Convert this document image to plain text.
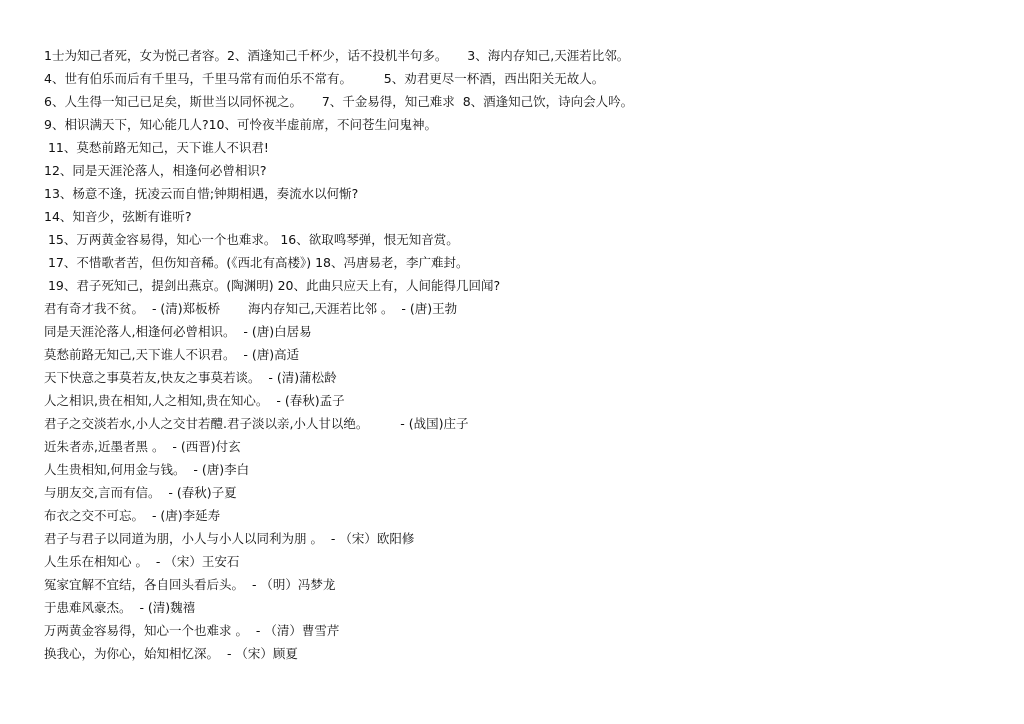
1士为知己者死，女为悦己者容。2、酒逢知己千杯少，话不投机半句多。     3、海内存知己,天涯若比邻。
4、世有伯乐而后有千里马，千里马常有而伯乐不常有。        5、劝君更尽一杯酒，西出阳关无故人。
6、人生得一知己已足矣，斯世当以同怀视之。     7、千金易得，知己难求  8、酒逢知己饮，诗向会人吟。
9、相识满天下，知心能几人?10、可怜夜半虚前席，不问苍生问鬼神。
11、莫愁前路无知己，天下谁人不识君!
12、同是天涯沦落人，相逢何必曾相识?
13、杨意不逢，抚凌云而自惜;钟期相遇，奏流水以何惭?
14、知音少，弦断有谁听?
15、万两黄金容易得，知心一个也难求。 16、欲取鸣琴弹，恨无知音赏。
17、不惜歌者苦，但伤知音稀。(《西北有高楼》) 18、冯唐易老，李广难封。
19、君子死知己，提剑出燕京。(陶渊明) 20、此曲只应天上有，人间能得几回闻?
君有奇才我不贫。  - (清)郑板桥       海内存知己,天涯若比邻 。  - (唐)王勃
同是天涯沦落人,相逢何必曾相识。  - (唐)白居易
莫愁前路无知己,天下谁人不识君。  - (唐)高适
天下快意之事莫若友,快友之事莫若谈。  - (清)蒲松龄
人之相识,贵在相知,人之相知,贵在知心。  - (春秋)孟子
君子之交淡若水,小人之交甘若醴.君子淡以亲,小人甘以绝。        - (战国)庄子
近朱者赤,近墨者黑 。  - (西晋)付玄
人生贵相知,何用金与钱。  - (唐)李白
与朋友交,言而有信。  - (春秋)子夏
布衣之交不可忘。  - (唐)李延寿
君子与君子以同道为朋，小人与小人以同利为朋 。  - （宋）欧阳修
人生乐在相知心 。  - （宋）王安石
冤家宜解不宜结，各自回头看后头。  - （明）冯梦龙
于患难风豪杰。  - (清)魏禧
万两黄金容易得，知心一个也难求 。  - （清）曹雪芹
换我心，为你心，始知相忆深。  - （宋）顾夏
